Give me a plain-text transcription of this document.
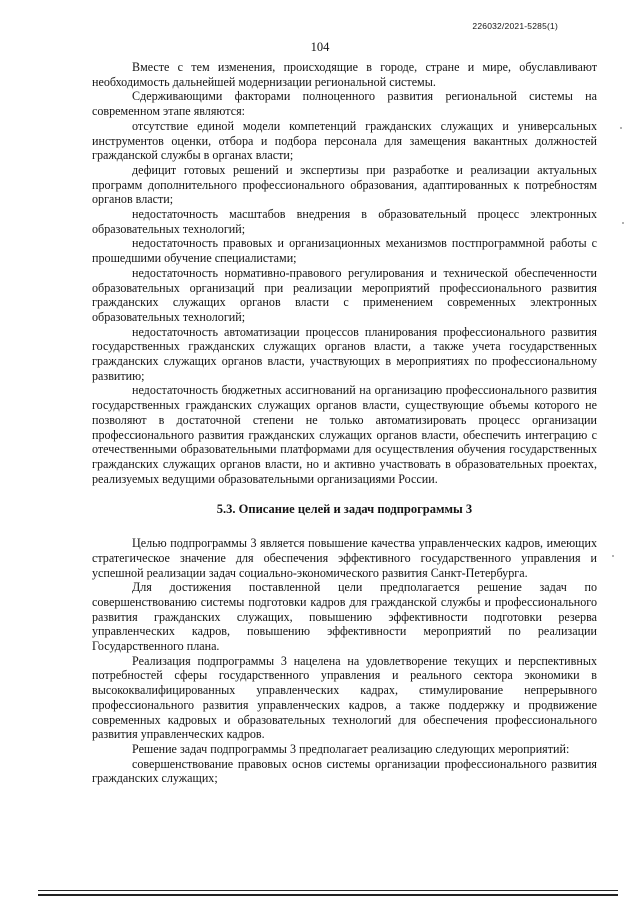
226032/2021-5285(1)
104

Вместе с тем изменения, происходящие в городе, стране и мире, обуславливают необходимость дальнейшей модернизации региональной системы.

Сдерживающими факторами полноценного развития региональной системы на современном этапе являются:

отсутствие единой модели компетенций гражданских служащих и универсальных инструментов оценки, отбора и подбора персонала для замещения вакантных должностей гражданской службы в органах власти;

дефицит готовых решений и экспертизы при разработке и реализации актуальных программ дополнительного профессионального образования, адаптированных к потребностям органов власти;

недостаточность масштабов внедрения в образовательный процесс электронных образовательных технологий;

недостаточность правовых и организационных механизмов постпрограммной работы с прошедшими обучение специалистами;

недостаточность нормативно-правового регулирования и технической обеспеченности образовательных организаций при реализации мероприятий профессионального развития гражданских служащих органов власти с применением современных электронных образовательных технологий;

недостаточность автоматизации процессов планирования профессионального развития государственных гражданских служащих органов власти, а также учета государственных гражданских служащих органов власти, участвующих в мероприятиях по профессиональному развитию;

недостаточность бюджетных ассигнований на организацию профессионального развития государственных гражданских служащих органов власти, существующие объемы которого не позволяют в достаточной степени не только автоматизировать процесс организации профессионального развития гражданских служащих органов власти, обеспечить интеграцию с отечественными образовательными платформами для осуществления обучения государственных гражданских служащих органов власти, но и активно участвовать в образовательных проектах, реализуемых ведущими образовательными организациями России.

5.3. Описание целей и задач подпрограммы 3

Целью подпрограммы 3 является повышение качества управленческих кадров, имеющих стратегическое значение для обеспечения эффективного государственного управления и успешной реализации задач социально-экономического развития Санкт-Петербурга.

Для достижения поставленной цели предполагается решение задач по совершенствованию системы подготовки кадров для гражданской службы и профессионального развития гражданских служащих, повышению эффективности подготовки резерва управленческих кадров, повышению эффективности мероприятий по реализации Государственного плана.

Реализация подпрограммы 3 нацелена на удовлетворение текущих и перспективных потребностей сферы государственного управления и реального сектора экономики в высококвалифицированных управленческих кадрах, стимулирование непрерывного профессионального развития управленческих кадров, а также поддержку и продвижение современных кадровых и образовательных технологий для обеспечения профессионального развития управленческих кадров.

Решение задач подпрограммы 3 предполагает реализацию следующих мероприятий:

совершенствование правовых основ системы организации профессионального развития гражданских служащих;
